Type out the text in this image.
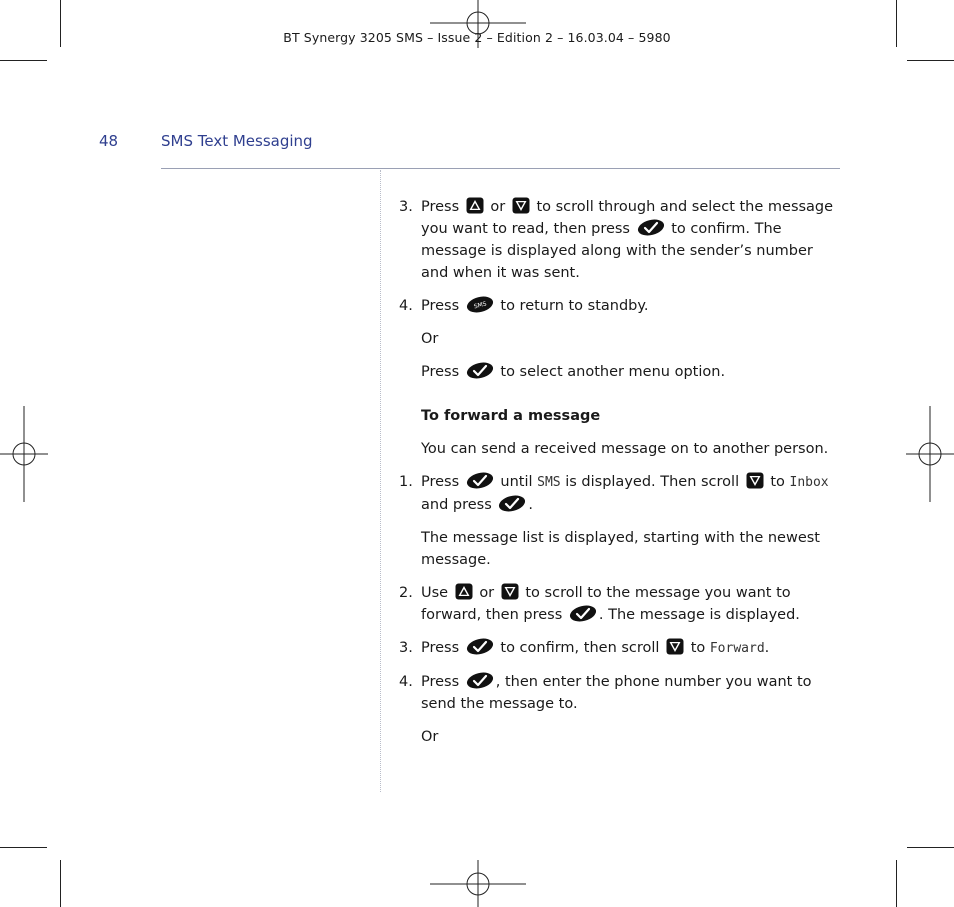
BT Synergy 3205 SMS – Issue 2 – Edition 2 – 16.03.04 – 5980
48	SMS Text Messaging
3. Press or to scroll through and select the message you want to read, then press	to confirm. The message is displayed along with the sender’s number and when it was sent.
4. Press SMS to return to standby.
Or
Press	to select another menu option.
To forward a message
You can send a received message on to another person.
1. Press	until SMS is displayed. Then scroll to Inbox and press	.
The message list is displayed, starting with the newest message.
2. Use or to scroll to the message you want to forward, then press	. The message is displayed.
3. Press	to confirm, then scroll to Forward.
4. Press	, then enter the phone number you want to send the message to.
Or
